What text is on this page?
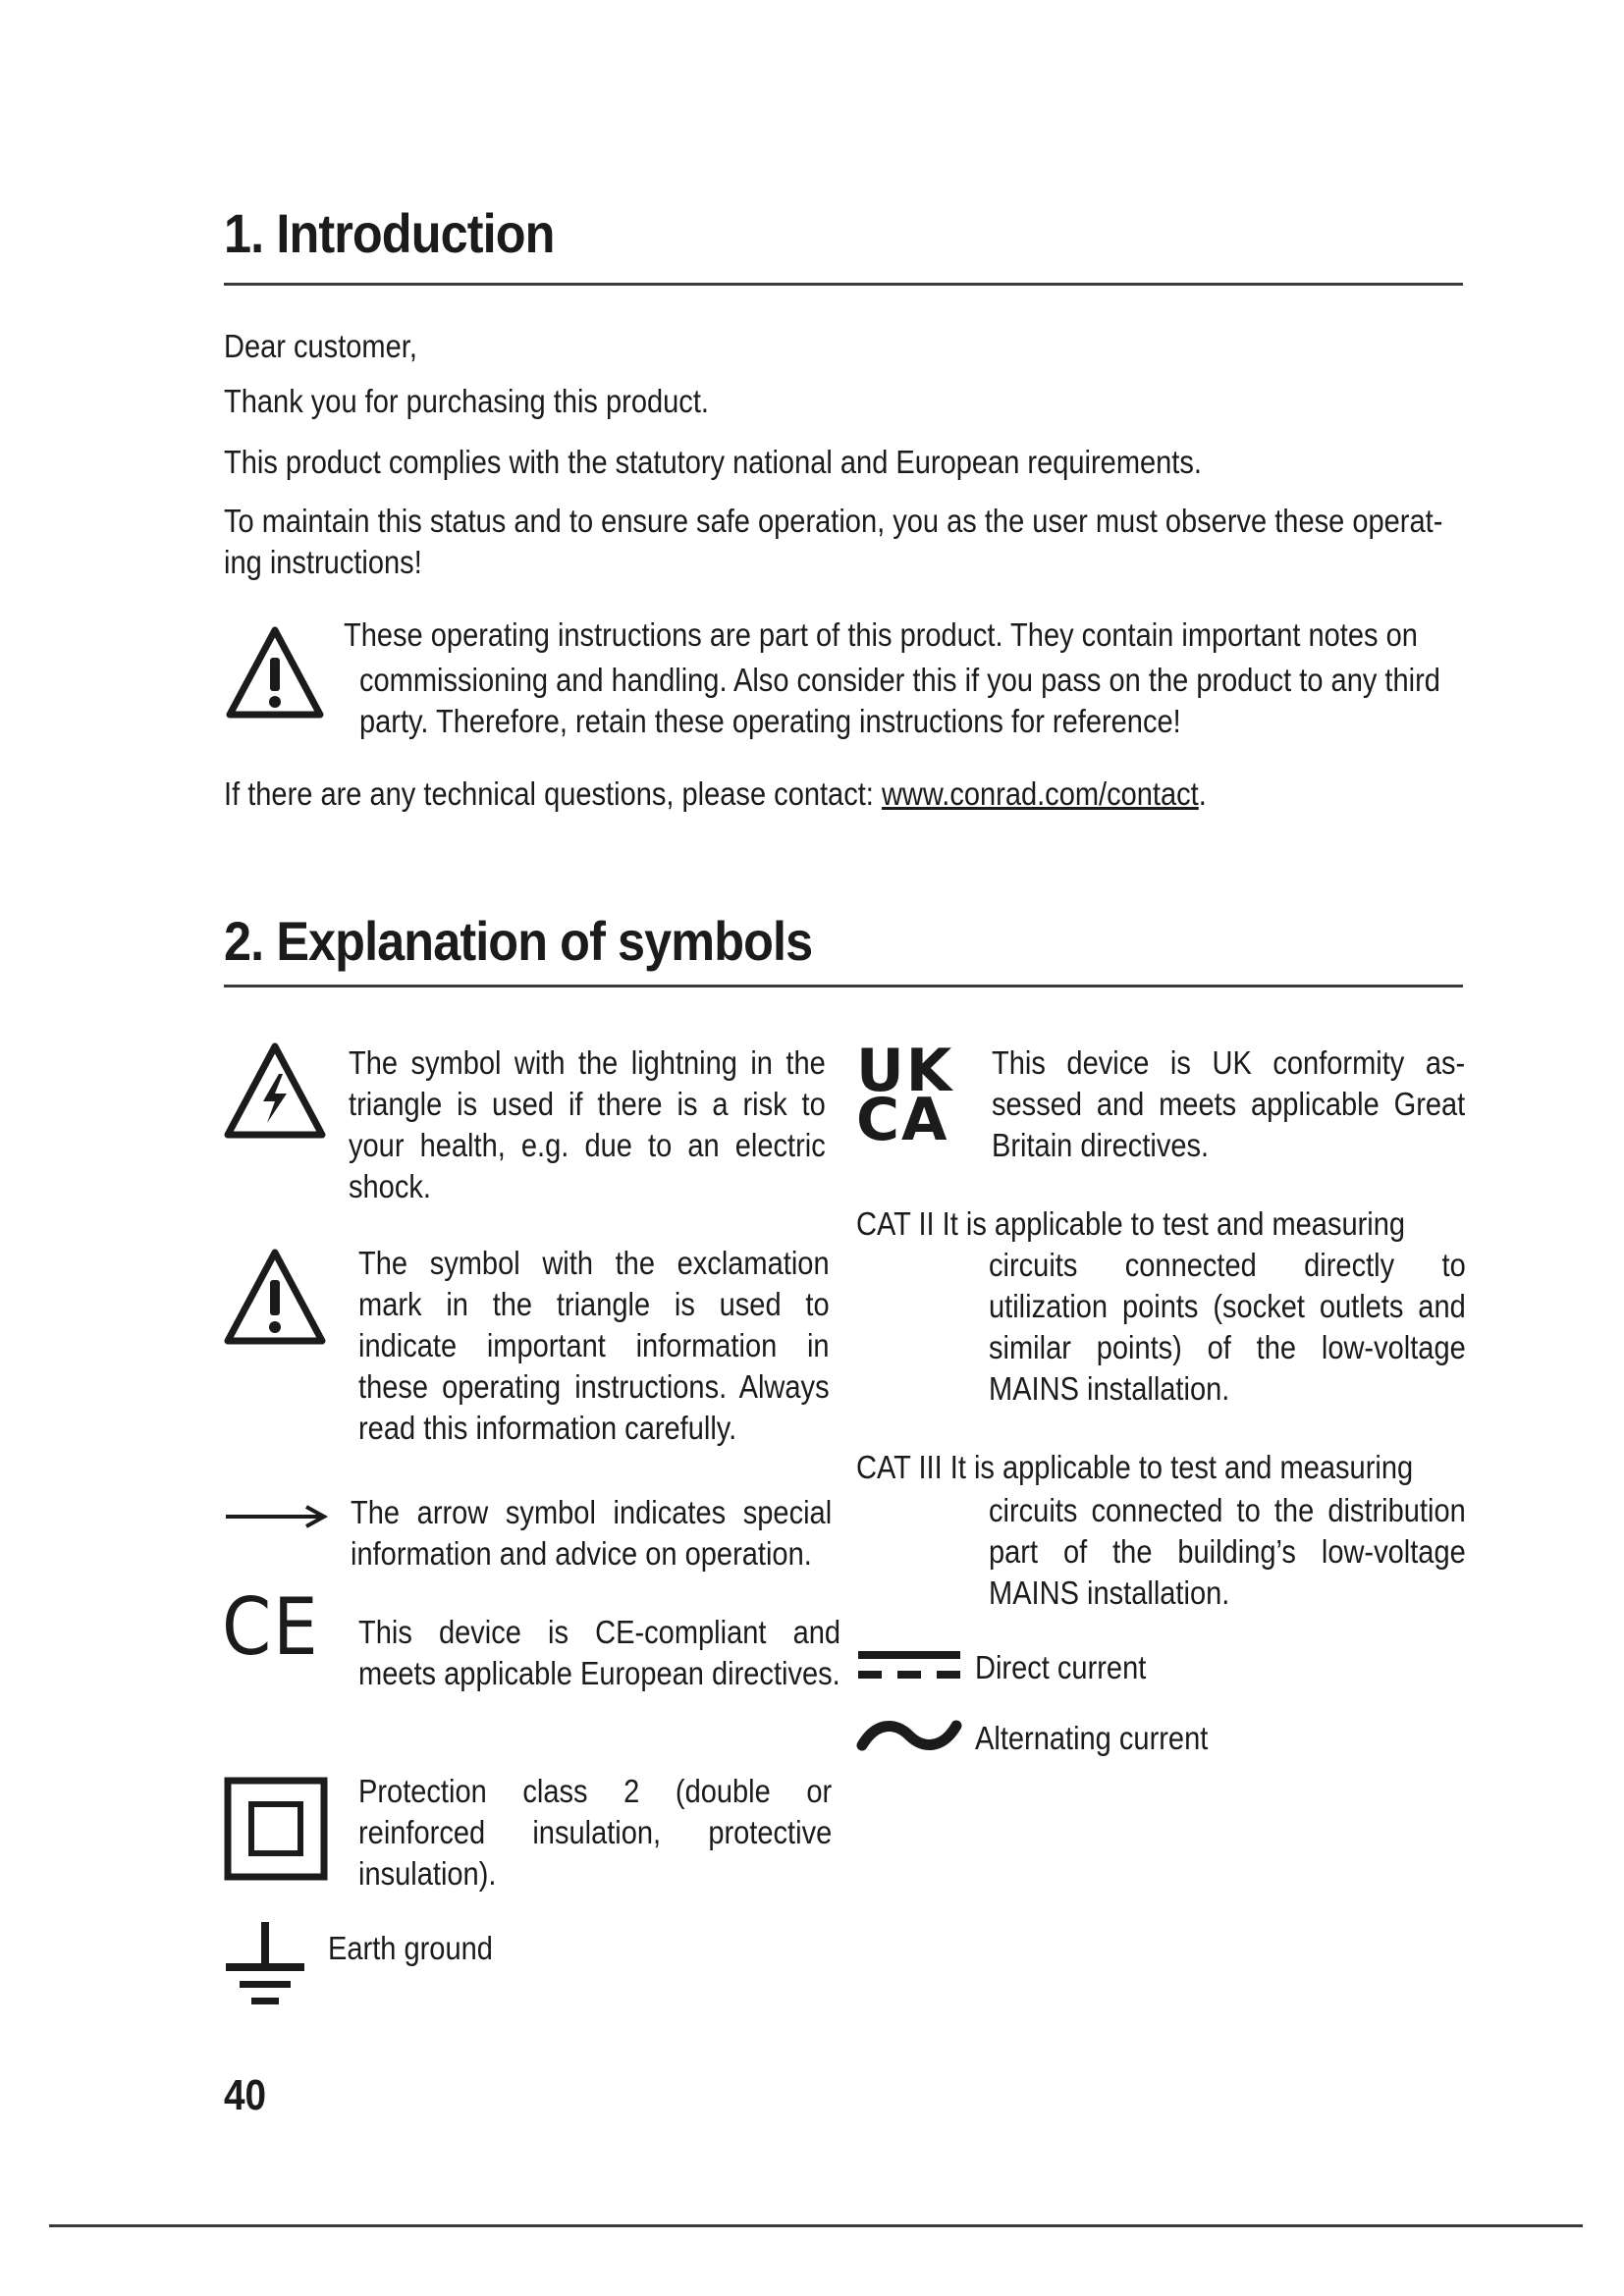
1. Introduction
Dear customer,
Thank you for purchasing this product.
This product complies with the statutory national and European requirements.
To maintain this status and to ensure safe operation, you as the user must observe these operat-
ing instructions!
These operating instructions are part of this product. They contain important notes on
commissioning and handling. Also consider this if you pass on the product to any third
party. Therefore, retain these operating instructions for reference!
If there are any technical questions, please contact: www.conrad.com/contact.
2. Explanation of symbols
The symbol with the lightning in the triangle is used if there is a risk to your health, e.g. due to an electric shock.
The symbol with the exclamation mark in the triangle is used to indicate important information in these operating instructions. Always read this information carefully.
The arrow symbol indicates special information and advice on operation.
CE This device is CE-compliant and meets applicable European directives.
Protection class 2 (double or reinforced insulation, protective insulation).
Earth ground
UK
CA
This device is UK conformity as-sessed and meets applicable Great Britain directives.
CAT II It is applicable to test and measuring
circuits connected directly to utilization points (socket outlets and similar points) of the low-voltage MAINS installation.
CAT III It is applicable to test and measuring
circuits connected to the distribution part of the building’s low-voltage MAINS installation.
Direct current
Alternating current
40
